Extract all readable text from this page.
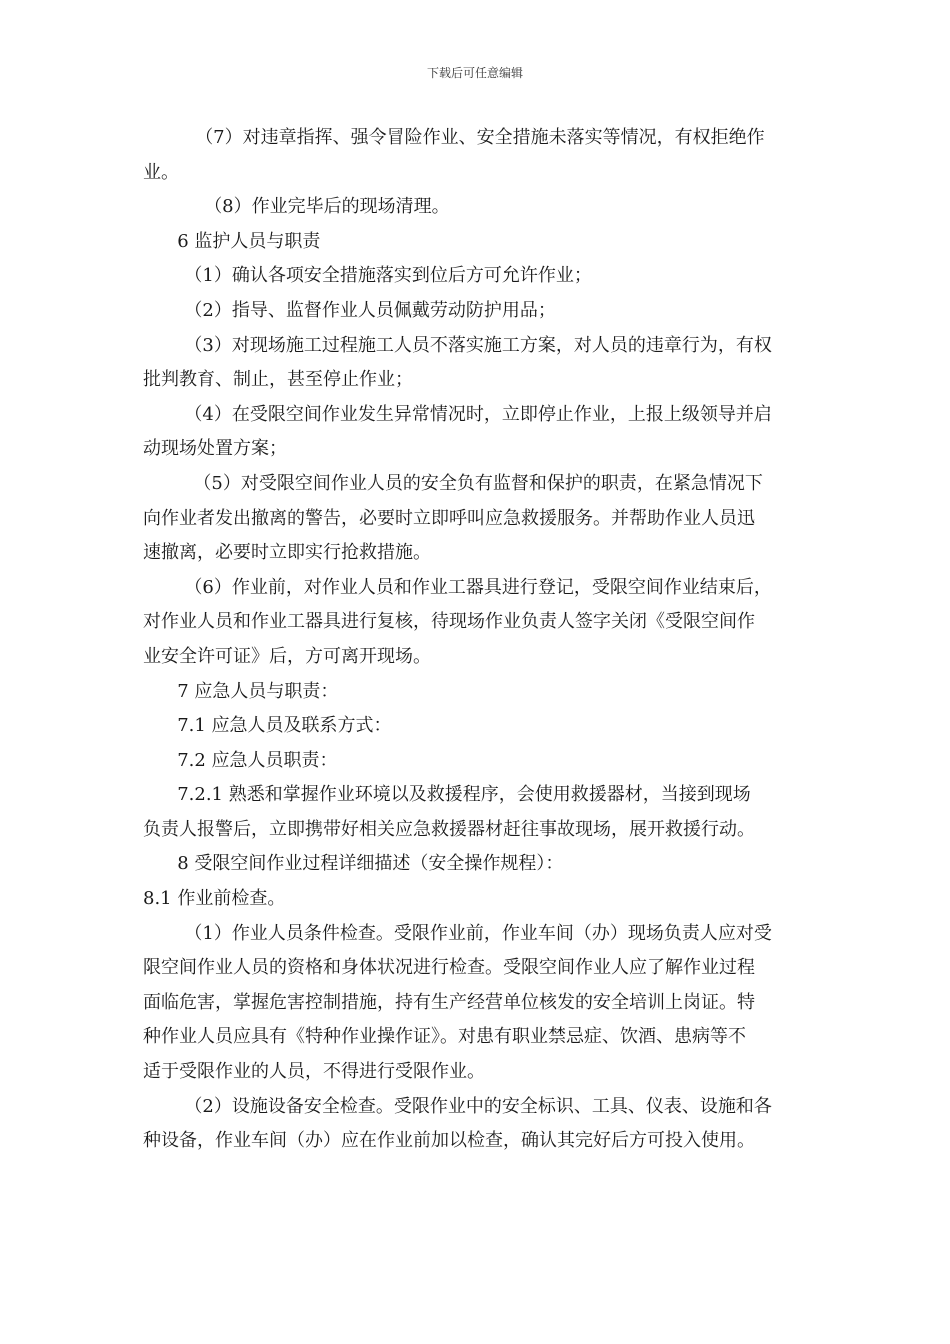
下载后可任意编辑

（7）对违章指挥、强令冒险作业、安全措施未落实等情况，有权拒绝作

业。

（8）作业完毕后的现场清理。

6 监护人员与职责

（1）确认各项安全措施落实到位后方可允许作业；

（2）指导、监督作业人员佩戴劳动防护用品；

（3）对现场施工过程施工人员不落实施工方案，对人员的违章行为，有权

批判教育、制止，甚至停止作业；

（4）在受限空间作业发生异常情况时，立即停止作业，上报上级领导并启

动现场处置方案；

（5）对受限空间作业人员的安全负有监督和保护的职责，在紧急情况下

向作业者发出撤离的警告，必要时立即呼叫应急救援服务。并帮助作业人员迅

速撤离，必要时立即实行抢救措施。

（6）作业前，对作业人员和作业工器具进行登记，受限空间作业结束后，

对作业人员和作业工器具进行复核，待现场作业负责人签字关闭《受限空间作

业安全许可证》后，方可离开现场。

7 应急人员与职责：

7.1 应急人员及联系方式：

7.2 应急人员职责：

7.2.1 熟悉和掌握作业环境以及救援程序，会使用救援器材，当接到现场

负责人报警后，立即携带好相关应急救援器材赶往事故现场，展开救援行动。

8 受限空间作业过程详细描述（安全操作规程）：

8.1 作业前检查。

（1）作业人员条件检查。受限作业前，作业车间（办）现场负责人应对受

限空间作业人员的资格和身体状况进行检查。受限空间作业人应了解作业过程

面临危害，掌握危害控制措施，持有生产经营单位核发的安全培训上岗证。特

种作业人员应具有《特种作业操作证》。对患有职业禁忌症、饮酒、患病等不

适于受限作业的人员，不得进行受限作业。

（2）设施设备安全检查。受限作业中的安全标识、工具、仪表、设施和各

种设备，作业车间（办）应在作业前加以检查，确认其完好后方可投入使用。
